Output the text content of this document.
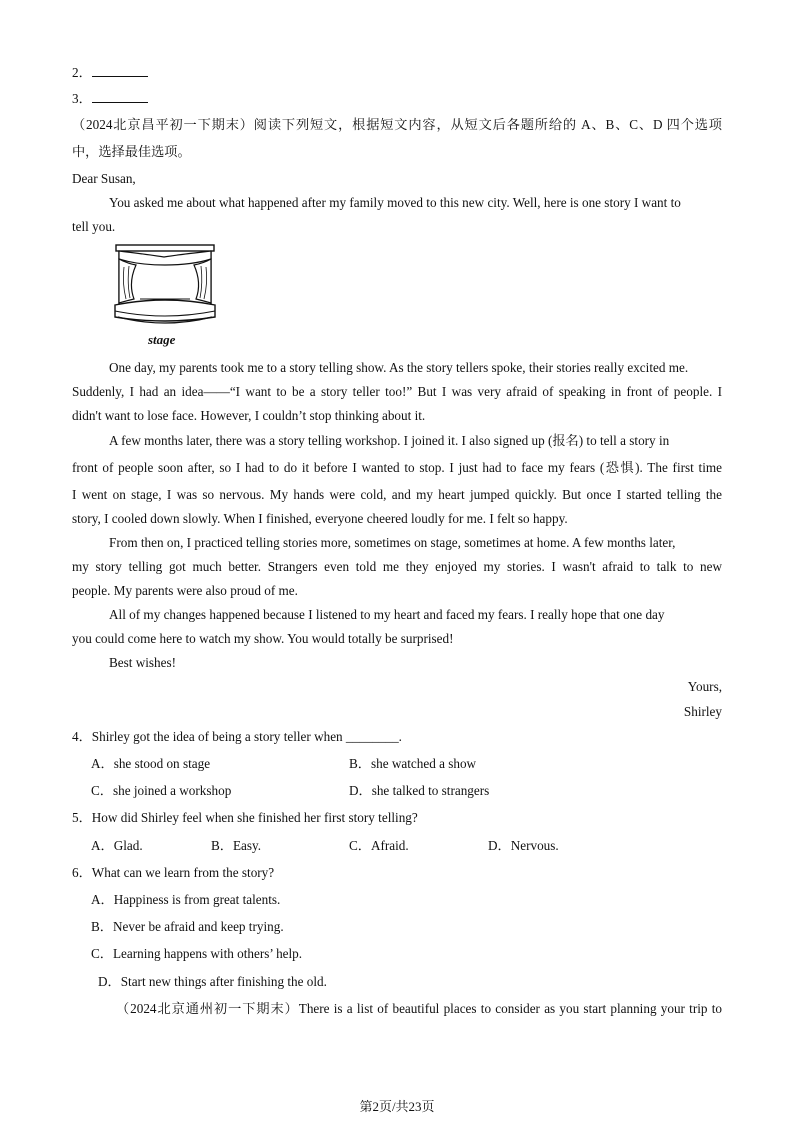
2．
3．
（2024北京昌平初一下期末）阅读下列短文，根据短文内容，从短文后各题所给的 A、B、C、D 四个选项
中，选择最佳选项。
Dear Susan,
You asked me about what happened after my family moved to this new city. Well, here is one story I want to
tell you.
stage
One day, my parents took me to a story telling show. As the story tellers spoke, their stories really excited me.
Suddenly, I had an idea——“I want to be a story teller too!” But I was very afraid of speaking in front of people. I
didn't want to lose face. However, I couldn’t stop thinking about it.
A few months later, there was a story telling workshop. I joined it. I also signed up (报名) to tell a story in
front of people soon after, so I had to do it before I wanted to stop. I just had to face my fears (恐惧). The first time
I went on stage, I was so nervous. My hands were cold, and my heart jumped quickly. But once I started telling the
story, I cooled down slowly. When I finished, everyone cheered loudly for me. I felt so happy.
From then on, I practiced telling stories more, sometimes on stage, sometimes at home. A few months later,
my story telling got much better. Strangers even told me they enjoyed my stories. I wasn't afraid to talk to new
people. My parents were also proud of me.
All of my changes happened because I listened to my heart and faced my fears. I really hope that one day
you could come here to watch my show. You would totally be surprised!
Best wishes!
Yours,
Shirley
4．Shirley got the idea of being a story teller when ________.
A．she stood on stage	B．she watched a show
C．she joined a workshop	D．she talked to strangers
5．How did Shirley feel when she finished her first story telling?
A．Glad.	B．Easy.	C．Afraid.	D．Nervous.
6．What can we learn from the story?
A．Happiness is from great talents.
B．Never be afraid and keep trying.
C．Learning happens with others’ help.
D．Start new things after finishing the old.
（2024北京通州初一下期末）There is a list of beautiful places to consider as you start planning your trip to
第2页/共23页
